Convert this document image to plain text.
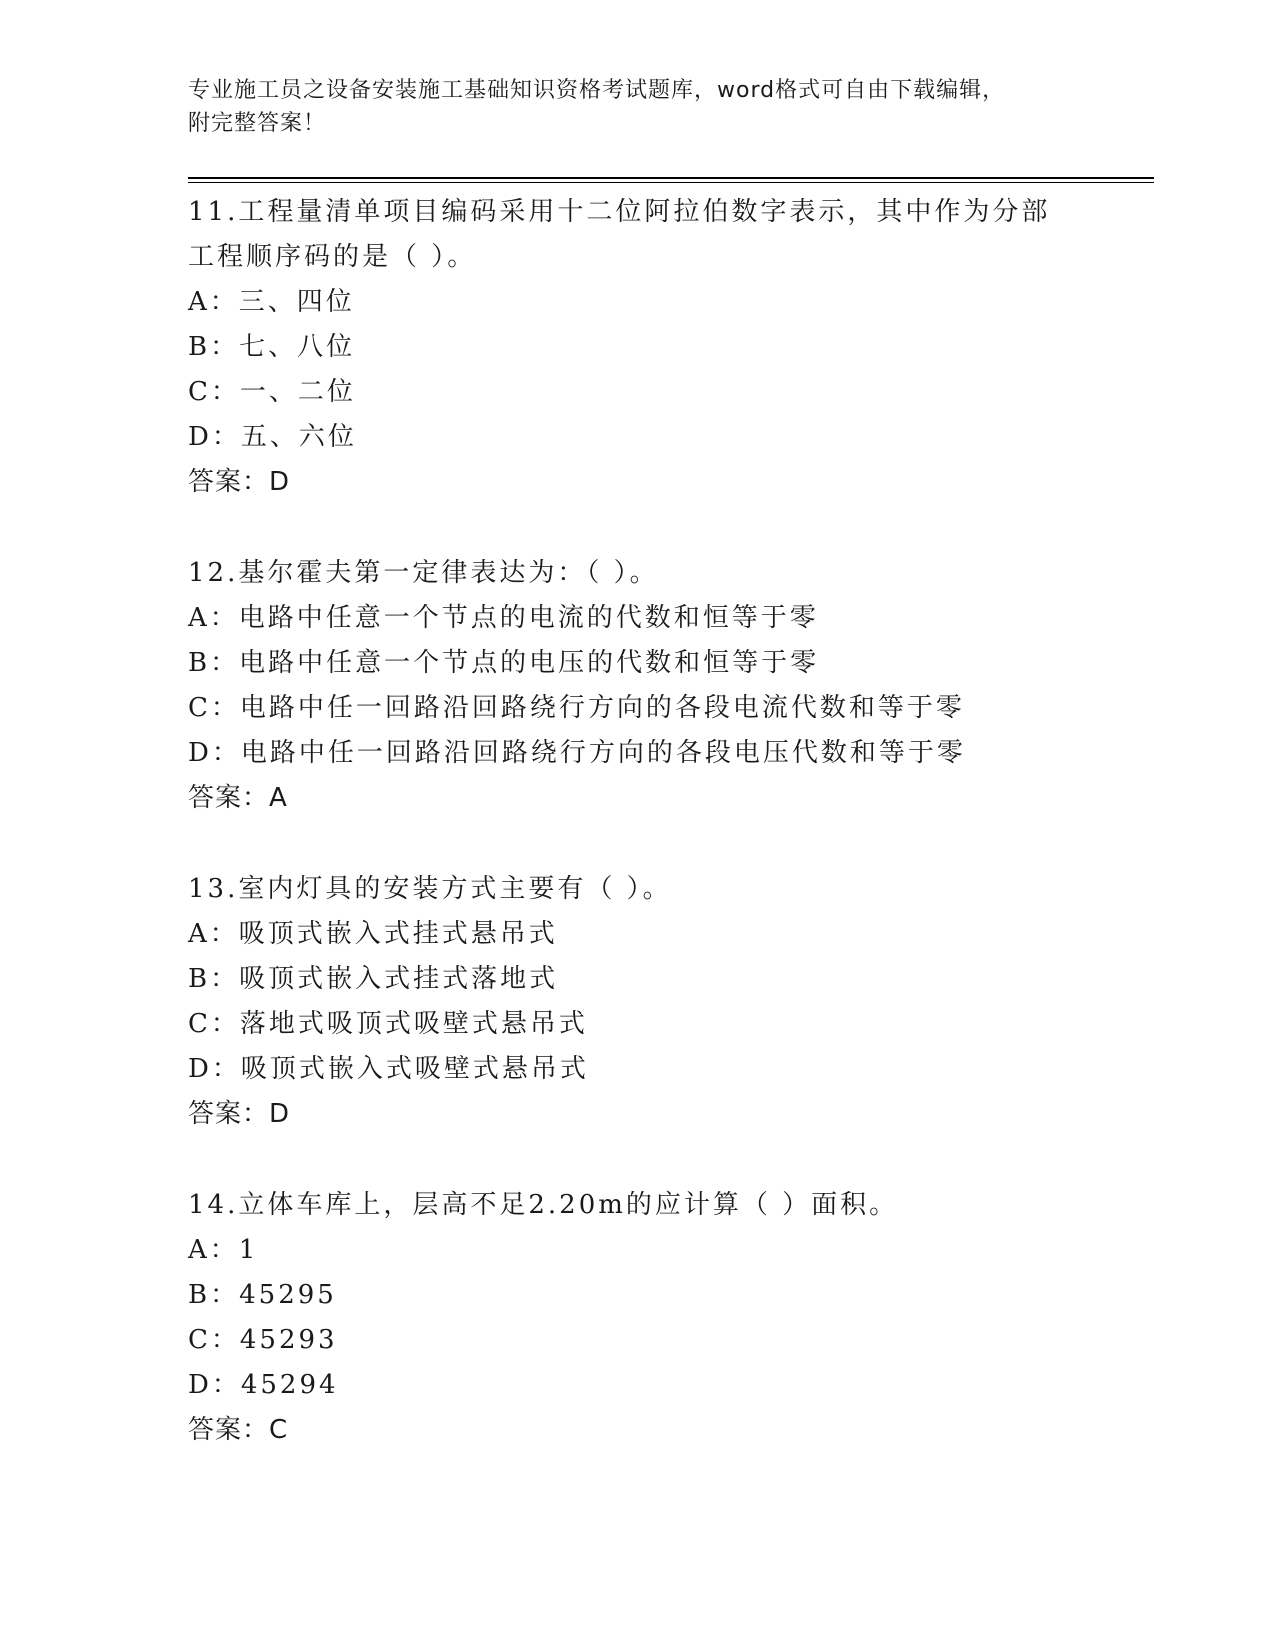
专业施工员之设备安装施工基础知识资格考试题库，word格式可自由下载编辑，
附完整答案！

11.工程量清单项目编码采用十二位阿拉伯数字表示，其中作为分部工程顺序码的是（ ）。

A：三、四位
B：七、八位
C：一、二位
D：五、六位
答案：D

12.基尔霍夫第一定律表达为：（ ）。

A：电路中任意一个节点的电流的代数和恒等于零
B：电路中任意一个节点的电压的代数和恒等于零
C：电路中任一回路沿回路绕行方向的各段电流代数和等于零
D：电路中任一回路沿回路绕行方向的各段电压代数和等于零
答案：A

13.室内灯具的安装方式主要有（ ）。

A：吸顶式嵌入式挂式悬吊式
B：吸顶式嵌入式挂式落地式
C：落地式吸顶式吸壁式悬吊式
D：吸顶式嵌入式吸壁式悬吊式
答案：D

14.立体车库上，层高不足2.20m的应计算（ ）面积。

A：1
B：45295
C：45293
D：45294
答案：C
